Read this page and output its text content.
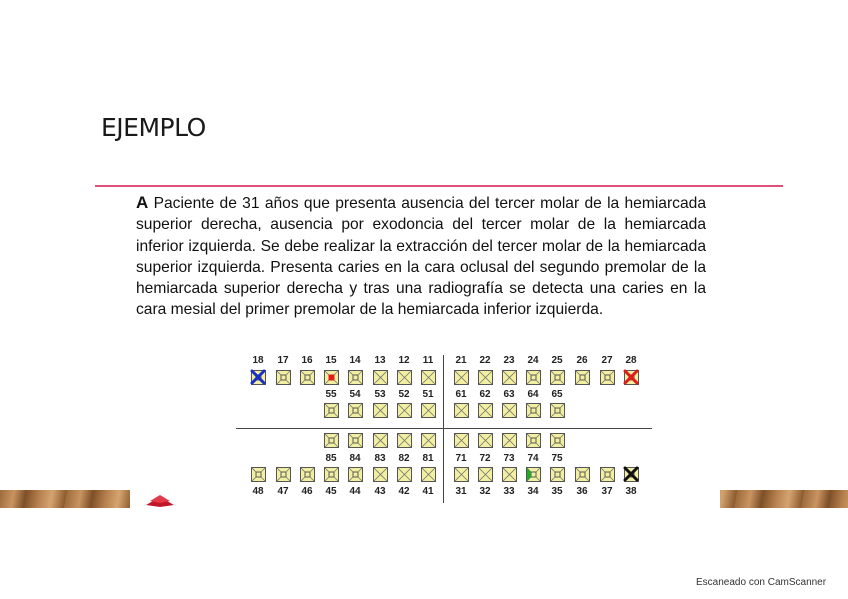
EJEMPLO
A Paciente de 31 años que presenta ausencia del tercer molar de la hemiarcada superior derecha, ausencia por exodoncia del tercer molar de la hemiarcada inferior izquierda. Se debe realizar la extracción del tercer molar de la hemiarcada superior izquierda. Presenta caries en la cara oclusal del segundo premolar de la hemiarcada superior derecha y tras una radiografía se detecta una caries en la cara mesial del primer premolar de la hemiarcada inferior izquierda.
18	17	16	15	14	13	12	11	21	22	23	24	25	26	27	28
55	54	53	52	51	61	62	63	64	65
85	84	83	82	81	71	72	73	74	75
48	47	46	45	44	43	42	41	31	32	33	34	35	36	37	38
Escaneado con CamScanner
